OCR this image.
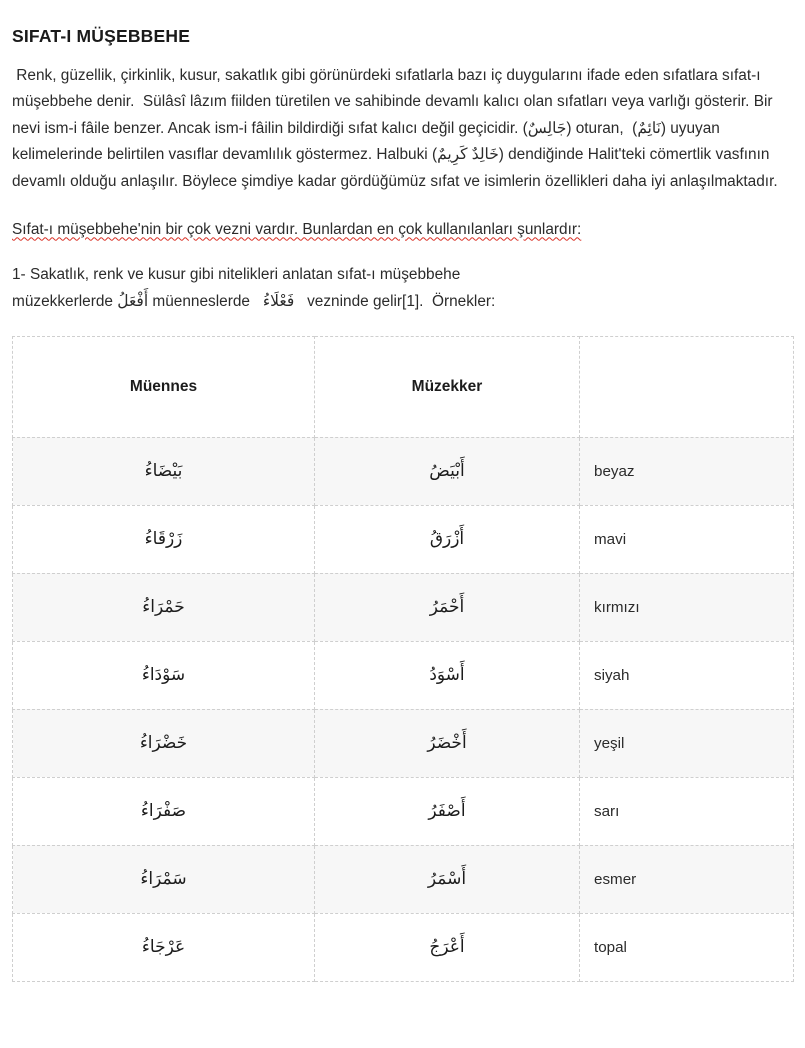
SIFAT-I MÜŞEBBEHE

Renk, güzellik, çirkinlik, kusur, sakatlık gibi görünürdeki sıfatlarla bazı iç duygularını ifade eden sıfatlara sıfat-ı müşebbehe denir.  Sülâsî lâzım fiilden türetilen ve sahibinde devamlı kalıcı olan sıfatları veya varlığı gösterir. Bir nevi ism-i fâile benzer. Ancak ism-i fâilin bildirdiği sıfat kalıcı değil geçicidir. (جَالِسٌ) oturan,  (نَائِمٌ) uyuyan kelimelerinde belirtilen vasıflar devamlılık göstermez. Halbuki (خَالِدٌ كَرِيمٌ) dendiğinde Halit'teki cömertlik vasfının devamlı olduğu anlaşılır. Böylece şimdiye kadar gördüğümüz sıfat ve isimlerin özellikleri daha iyi anlaşılmaktadır.

Sıfat-ı müşebbehe'nin bir çok vezni vardır. Bunlardan en çok kullanılanları şunlardır:

1- Sakatlık, renk ve kusur gibi nitelikleri anlatan sıfat-ı müşebbehe
müzekkerlerde أَفْعَلُ müenneslerde   فَعْلَاءُ   vezninde gelir[1].  Örnekler:
Müennes	Müzekker	
بَيْضَاءُ	أَبْيَضُ	beyaz
زَرْقَاءُ	أَزْرَقُ	mavi
حَمْرَاءُ	أَحْمَرُ	kırmızı
سَوْدَاءُ	أَسْوَدُ	siyah
خَضْرَاءُ	أَخْضَرُ	yeşil
صَفْرَاءُ	أَصْفَرُ	sarı
سَمْرَاءُ	أَسْمَرُ	esmer
عَرْجَاءُ	أَعْرَجُ	topal
